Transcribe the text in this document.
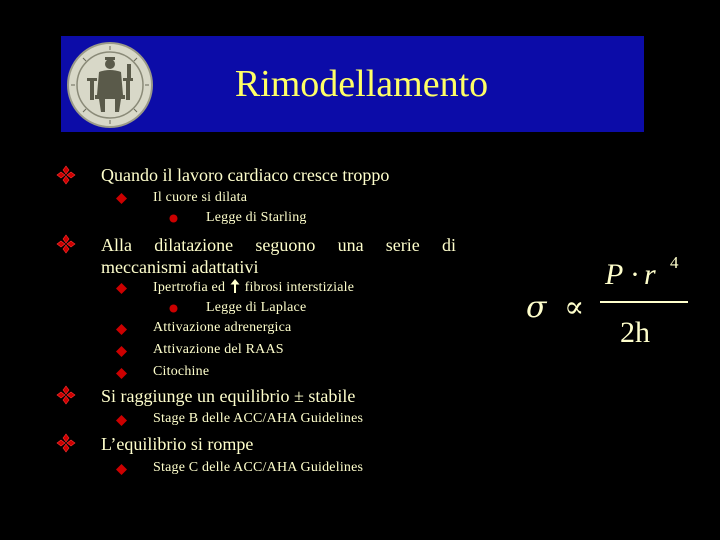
Rimodellamento
Quando il lavoro cardiaco cresce troppo
Il cuore si dilata
Legge di Starling
Alla dilatazione seguono una serie di
meccanismi adattativi
Ipertrofia ed fibrosi interstiziale
Legge di Laplace
Attivazione adrenergica
Attivazione del RAAS
Citochine
Si raggiunge un equilibrio ± stabile
Stage B delle ACC/AHA Guidelines
L’equilibrio si rompe
Stage C delle ACC/AHA Guidelines
σ ∝
P · r 4
2h
